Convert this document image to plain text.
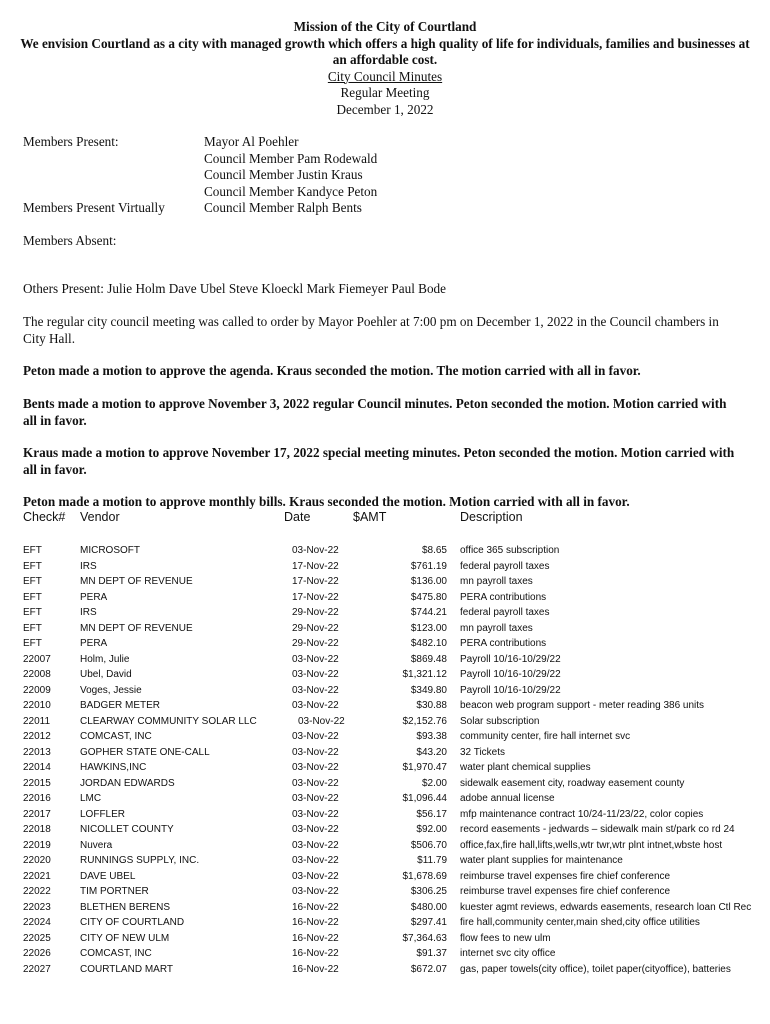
Mission of the City of Courtland
We envision Courtland as a city with managed growth which offers a high quality of life for individuals, families and businesses at an affordable cost.
City Council Minutes
Regular Meeting
December 1, 2022
Members Present:	Mayor Al Poehler
Council Member Pam Rodewald
Council Member Justin Kraus
Council Member Kandyce Peton
Members Present Virtually	Council Member Ralph Bents
Members Absent:
Others Present: Julie Holm Dave Ubel Steve Kloeckl Mark Fiemeyer Paul Bode
The regular city council meeting was called to order by Mayor Poehler at 7:00 pm on December 1, 2022 in the Council chambers in City Hall.
Peton made a motion to approve the agenda. Kraus seconded the motion. The motion carried with all in favor.
Bents made a motion to approve November 3, 2022 regular Council minutes. Peton seconded the motion. Motion carried with all in favor.
Kraus made a motion to approve November 17, 2022 special meeting minutes. Peton seconded the motion. Motion carried with all in favor.
Peton made a motion to approve monthly bills. Kraus seconded the motion. Motion carried with all in favor.
Check# Vendor	Date	$AMT	Description
EFT	MICROSOFT	03-Nov-22	$8.65 office 365 subscription
EFT	IRS	17-Nov-22	$761.19 federal payroll taxes
EFT	MN DEPT OF REVENUE	17-Nov-22	$136.00 mn payroll taxes
EFT	PERA	17-Nov-22	$475.80 PERA contributions
EFT	IRS	29-Nov-22	$744.21 federal payroll taxes
EFT	MN DEPT OF REVENUE	29-Nov-22	$123.00 mn payroll taxes
EFT	PERA	29-Nov-22	$482.10 PERA contributions
22007	Holm, Julie	03-Nov-22	$869.48 Payroll 10/16-10/29/22
22008	Ubel, David	03-Nov-22	$1,321.12 Payroll 10/16-10/29/22
22009	Voges, Jessie	03-Nov-22	$349.80 Payroll 10/16-10/29/22
22010	BADGER METER	03-Nov-22	$30.88 beacon web program support - meter reading 386 units
22011	CLEARWAY COMMUNITY SOLAR LLC	03-Nov-22	$2,152.76 Solar subscription
22012	COMCAST, INC	03-Nov-22	$93.38 community center, fire hall internet svc
22013	GOPHER STATE ONE-CALL	03-Nov-22	$43.20 32 Tickets
22014	HAWKINS,INC	03-Nov-22	$1,970.47 water plant chemical supplies
22015	JORDAN EDWARDS	03-Nov-22	$2.00 sidewalk easement city, roadway easement county
22016	LMC	03-Nov-22	$1,096.44 adobe annual license
22017	LOFFLER	03-Nov-22	$56.17 mfp maintenance contract 10/24-11/23/22, color copies
22018	NICOLLET COUNTY	03-Nov-22	$92.00 record easements - jedwards – sidewalk main st/park co rd 24
22019	Nuvera	03-Nov-22	$506.70 office,fax,fire hall,lifts,wells,wtr twr,wtr plnt intnet,wbste host
22020	RUNNINGS SUPPLY, INC.	03-Nov-22	$11.79 water plant supplies for maintenance
22021	DAVE UBEL	03-Nov-22	$1,678.69 reimburse travel expenses fire chief conference
22022	TIM PORTNER	03-Nov-22	$306.25 reimburse travel expenses fire chief conference
22023	BLETHEN BERENS	16-Nov-22	$480.00 kuester agmt reviews, edwards easements, research loan Ctl Rec
22024	CITY OF COURTLAND	16-Nov-22	$297.41 fire hall,community center,main shed,city office utilities
22025	CITY OF NEW ULM	16-Nov-22	$7,364.63 flow fees to new ulm
22026	COMCAST, INC	16-Nov-22	$91.37 internet svc city office
22027	COURTLAND MART	16-Nov-22	$672.07 gas, paper towels(city office), toilet paper(cityoffice), batteries
